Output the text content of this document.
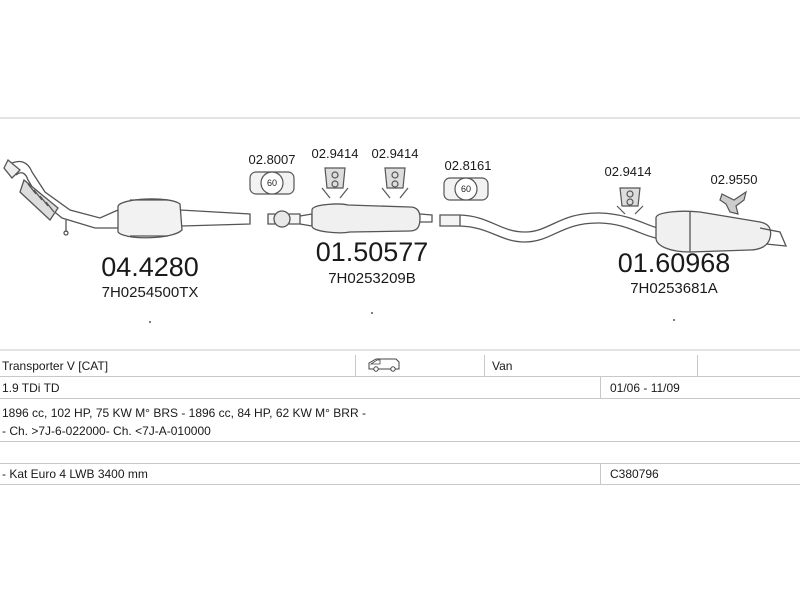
60
60
02.8007 02.9414 02.9414
02.8161	02.9414
02.9550
04.4280
7H0254500TX
01.50577
7H0253209B
01.60968
7H0253681A
Transporter V [CAT]	Van
1.9 TDi TD	01/06 - 11/09
1896 cc, 102 HP, 75 KW M° BRS - 1896 cc, 84 HP, 62 KW M° BRR -
- Ch. >7J-6-022000- Ch. <7J-A-010000
- Kat Euro 4 LWB 3400 mm	C380796
